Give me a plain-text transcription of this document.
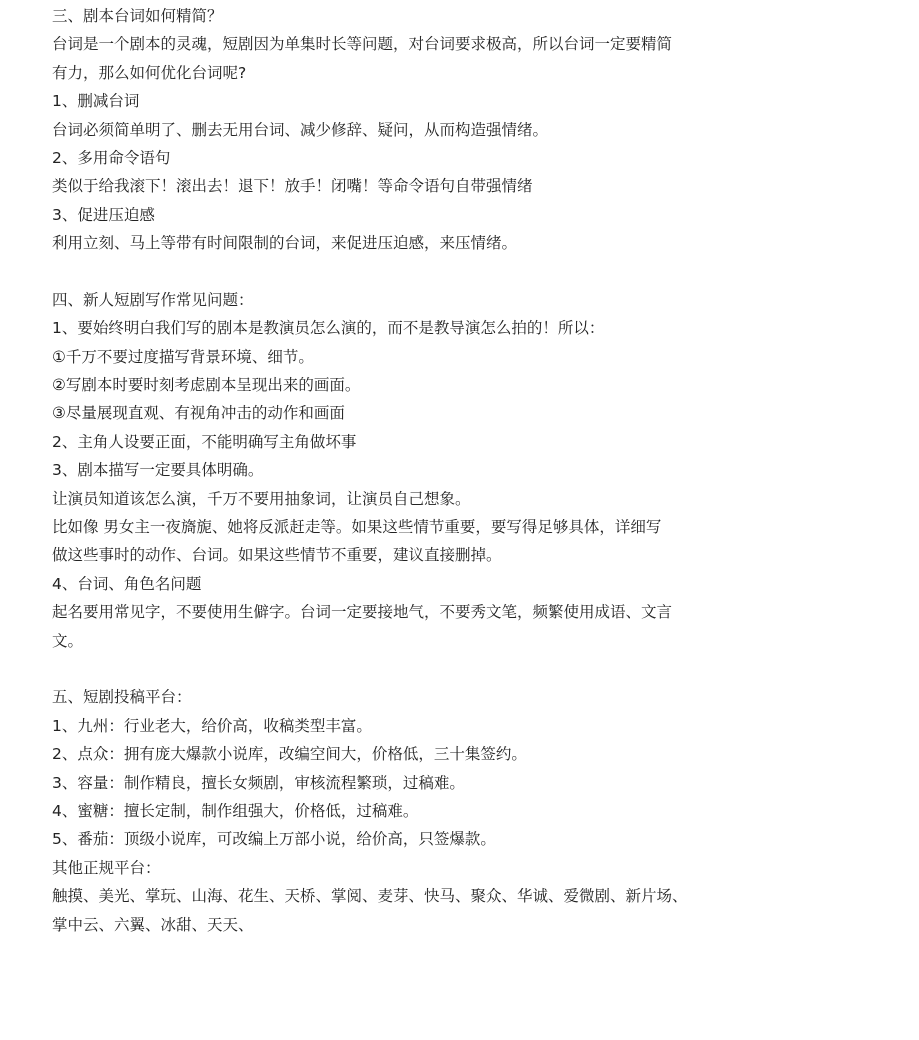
三、剧本台词如何精简？
台词是一个剧本的灵魂，短剧因为单集时长等问题，对台词要求极高，所以台词一定要精简
有力，那么如何优化台词呢?
1、删减台词
台词必须简单明了、删去无用台词、减少修辞、疑问，从而构造强情绪。
2、多用命令语句
类似于给我滚下！滚出去！退下！放手！闭嘴！等命令语句自带强情绪
3、促进压迫感
利用立刻、马上等带有时间限制的台词，来促进压迫感，来压情绪。
四、新人短剧写作常见问题：
1、要始终明白我们写的剧本是教演员怎么演的，而不是教导演怎么拍的！所以：
①千万不要过度描写背景环境、细节。
②写剧本时要时刻考虑剧本呈现出来的画面。
③尽量展现直观、有视角冲击的动作和画面
2、主角人设要正面，不能明确写主角做坏事
3、剧本描写一定要具体明确。
让演员知道该怎么演，千万不要用抽象词，让演员自己想象。
比如像 男女主一夜旖旎、她将反派赶走等。如果这些情节重要，要写得足够具体，详细写
做这些事时的动作、台词。如果这些情节不重要，建议直接删掉。
4、台词、角色名问题
起名要用常见字，不要使用生僻字。台词一定要接地气，不要秀文笔，频繁使用成语、文言
文。
五、短剧投稿平台：
1、九州：行业老大，给价高，收稿类型丰富。
2、点众：拥有庞大爆款小说库，改编空间大，价格低，三十集签约。
3、容量：制作精良，擅长女频剧，审核流程繁琐，过稿难。
4、蜜糖：擅长定制，制作组强大，价格低，过稿难。
5、番茄：顶级小说库，可改编上万部小说，给价高，只签爆款。
其他正规平台：
触摸、美光、掌玩、山海、花生、天桥、掌阅、麦芽、快马、聚众、华诚、爱微剧、新片场、
掌中云、六翼、冰甜、天天、
